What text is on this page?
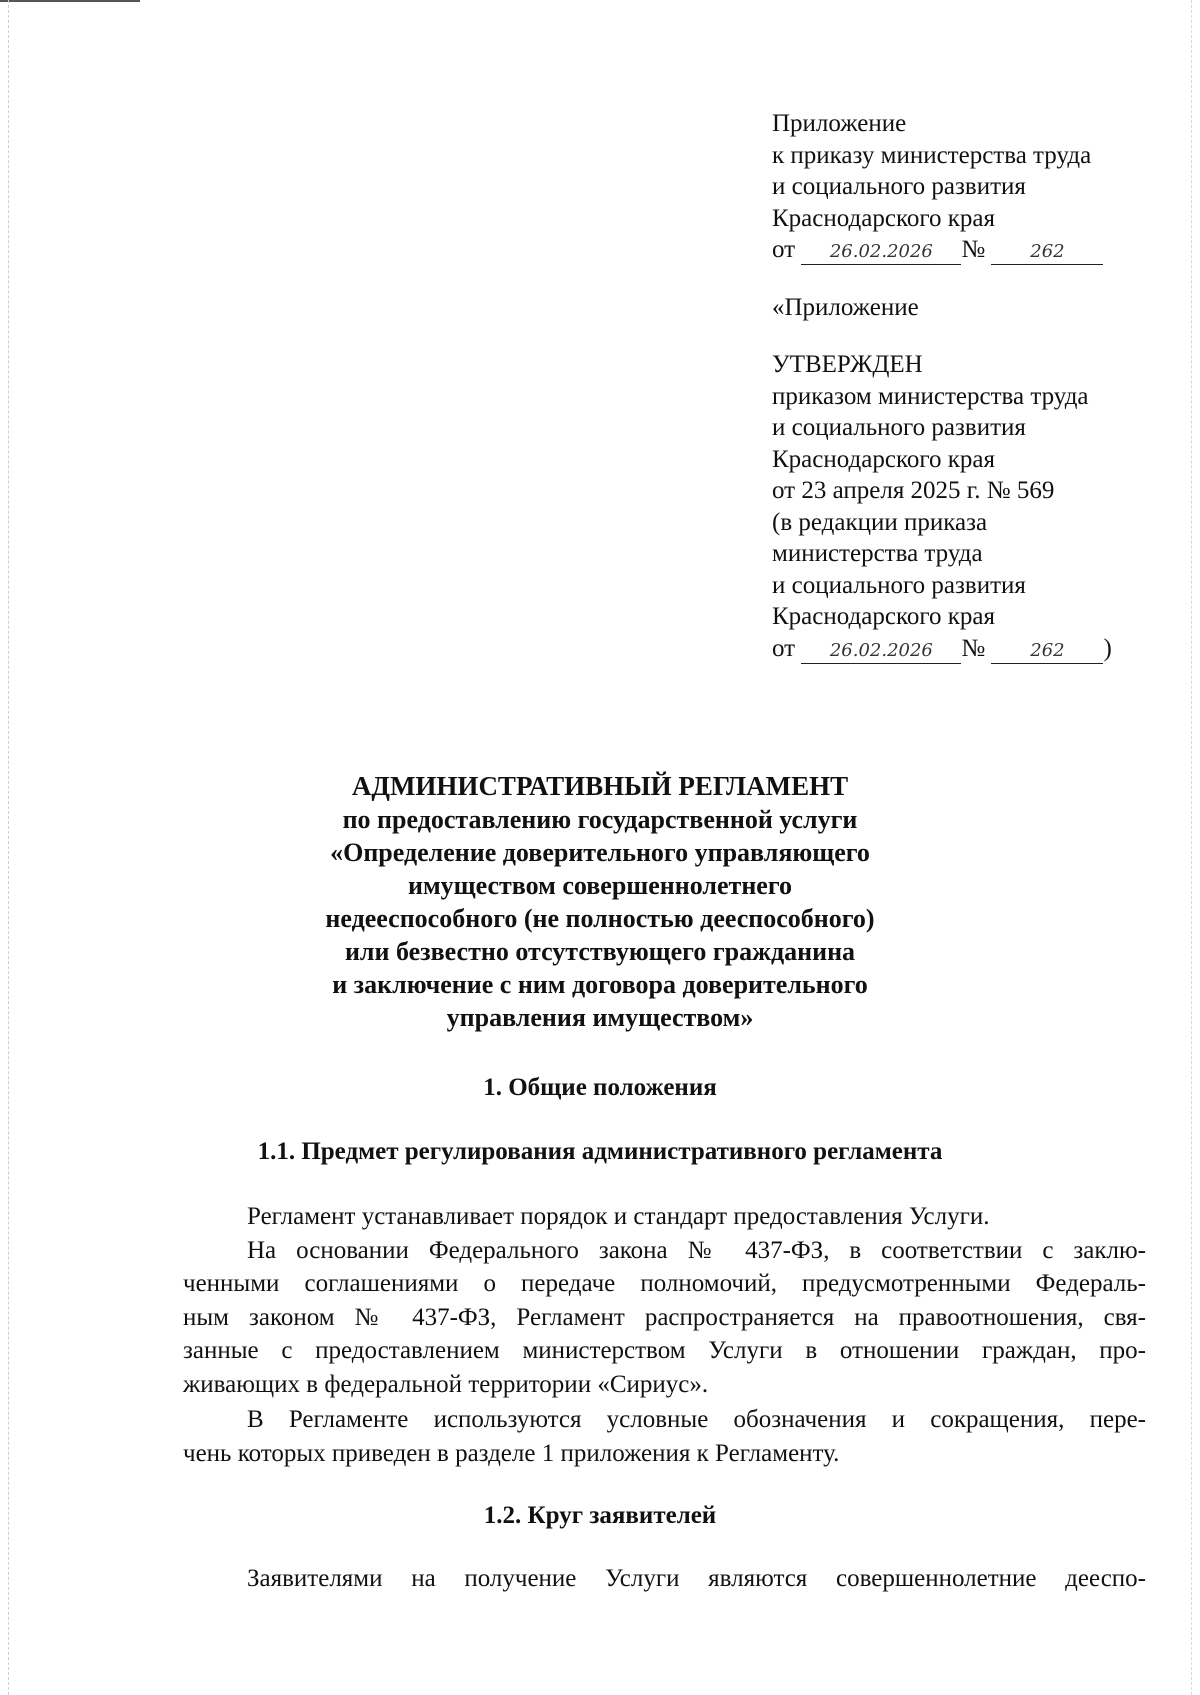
Приложение
к приказу министерства труда
и социального развития
Краснодарского края
от 26.02.2026 №	262
«Приложение
УТВЕРЖДЕН
приказом министерства труда
и социального развития
Краснодарского края
от 23 апреля 2025 г. № 569
(в редакции приказа
министерства труда
и социального развития
Краснодарского края
от 26.02.2026 №	262 )
АДМИНИСТРАТИВНЫЙ РЕГЛАМЕНТ
по предоставлению государственной услуги
«Определение доверительного управляющего
имуществом совершеннолетнего
недееспособного (не полностью дееспособного)
или безвестно отсутствующего гражданина
и заключение с ним договора доверительного
управления имуществом»
1. Общие положения
1.1. Предмет регулирования административного регламента

Регламент устанавливает порядок и стандарт предоставления Услуги.

На основании Федерального закона № 437-ФЗ, в соответствии с заклю-

ченными соглашениями о передаче полномочий, предусмотренными Федераль-
ным законом № 437-ФЗ, Регламент распространяется на правоотношения, свя-
занные с предоставлением министерством Услуги в отношении граждан, про-
живающих в федеральной территории «Сириус».

В Регламенте используются условные обозначения и сокращения, пере-

чень которых приведен в разделе 1 приложения к Регламенту.
1.2. Круг заявителей

Заявителями на получение Услуги являются совершеннолетние дееспо-
